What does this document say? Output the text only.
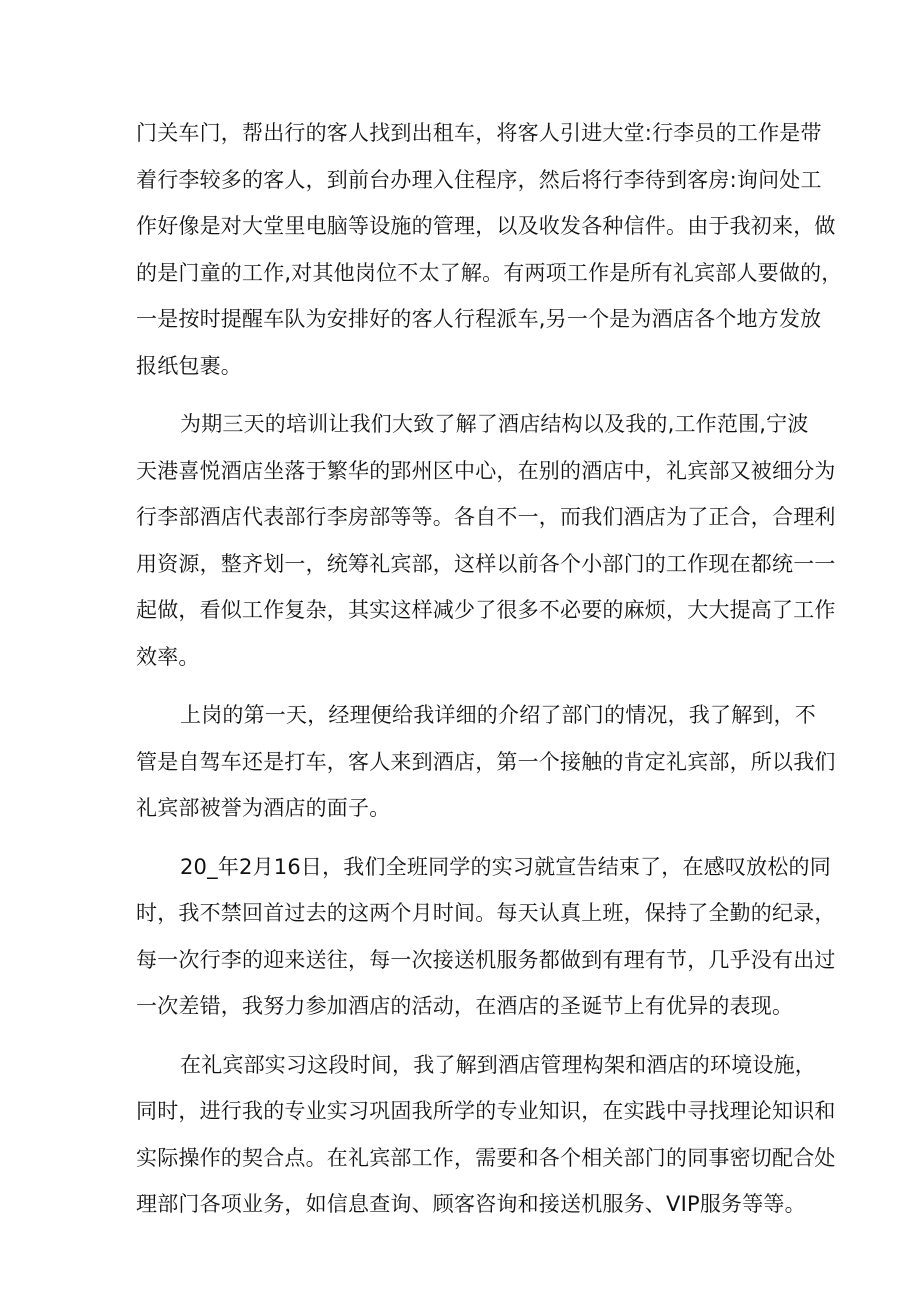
门关车门，帮出行的客人找到出租车，将客人引进大堂:行李员的工作是带
着行李较多的客人，到前台办理入住程序，然后将行李待到客房:询问处工
作好像是对大堂里电脑等设施的管理，以及收发各种信件。由于我初来，做
的是门童的工作,对其他岗位不太了解。有两项工作是所有礼宾部人要做的，
一是按时提醒车队为安排好的客人行程派车,另一个是为酒店各个地方发放
报纸包裹。

为期三天的培训让我们大致了解了酒店结构以及我的,工作范围,宁波
天港喜悦酒店坐落于繁华的郢州区中心，在别的酒店中，礼宾部又被细分为
行李部酒店代表部行李房部等等。各自不一，而我们酒店为了正合，合理利
用资源，整齐划一，统筹礼宾部，这样以前各个小部门的工作现在都统一一
起做，看似工作复杂，其实这样减少了很多不必要的麻烦，大大提高了工作
效率。

上岗的第一天，经理便给我详细的介绍了部门的情况，我了解到，不
管是自驾车还是打车，客人来到酒店，第一个接触的肯定礼宾部，所以我们
礼宾部被誉为酒店的面子。

20_年2月16日，我们全班同学的实习就宣告结束了，在感叹放松的同
时，我不禁回首过去的这两个月时间。每天认真上班，保持了全勤的纪录，
每一次行李的迎来送往，每一次接送机服务都做到有理有节，几乎没有出过
一次差错，我努力参加酒店的活动，在酒店的圣诞节上有优异的表现。

在礼宾部实习这段时间，我了解到酒店管理构架和酒店的环境设施，
同时，进行我的专业实习巩固我所学的专业知识，在实践中寻找理论知识和
实际操作的契合点。在礼宾部工作，需要和各个相关部门的同事密切配合处
理部门各项业务，如信息查询、顾客咨询和接送机服务、VIP服务等等。
